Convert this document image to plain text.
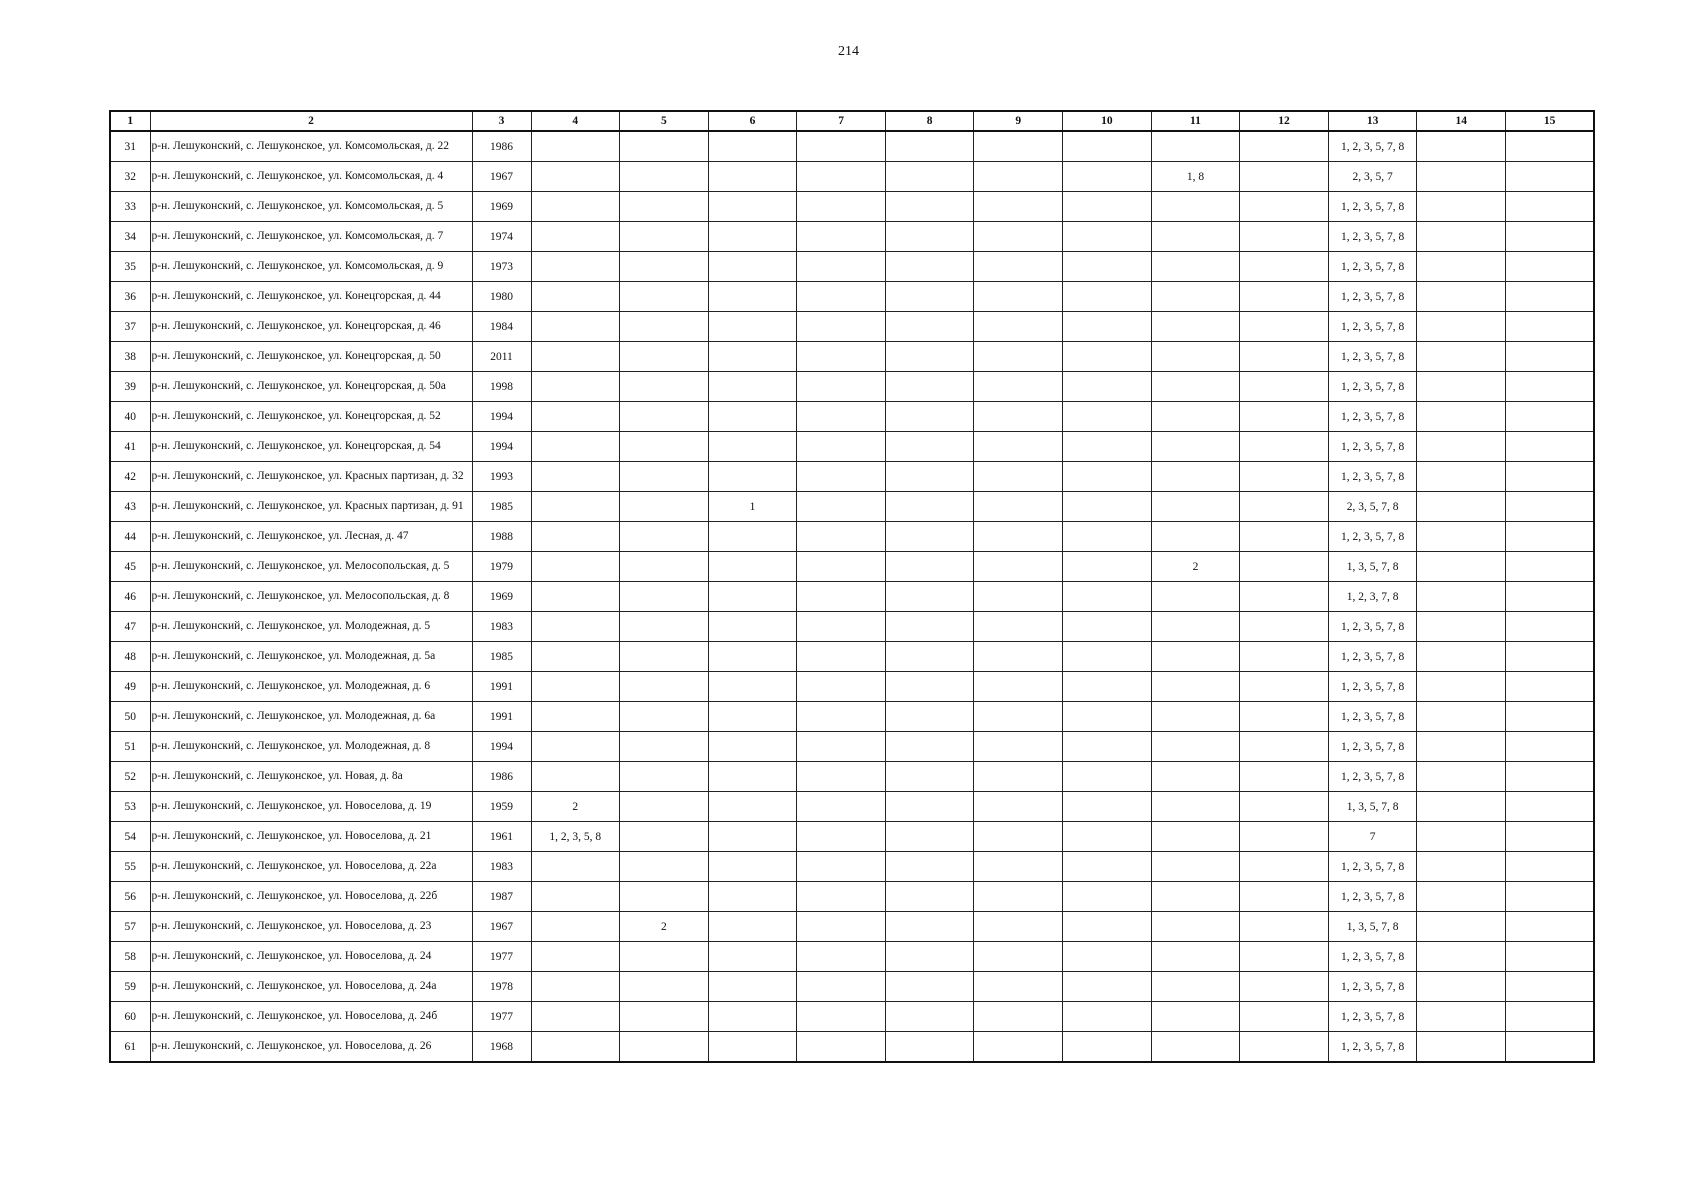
214
1	2	3	4	5	6	7	8	9	10	11	12	13	14	15
31	р-н. Лешуконский, с. Лешуконское, ул. Комсомольская, д. 22	1986										1, 2, 3, 5, 7, 8		
32	р-н. Лешуконский, с. Лешуконское, ул. Комсомольская, д. 4	1967								1, 8		2, 3, 5, 7		
33	р-н. Лешуконский, с. Лешуконское, ул. Комсомольская, д. 5	1969										1, 2, 3, 5, 7, 8		
34	р-н. Лешуконский, с. Лешуконское, ул. Комсомольская, д. 7	1974										1, 2, 3, 5, 7, 8		
35	р-н. Лешуконский, с. Лешуконское, ул. Комсомольская, д. 9	1973										1, 2, 3, 5, 7, 8		
36	р-н. Лешуконский, с. Лешуконское, ул. Конецгорская, д. 44	1980										1, 2, 3, 5, 7, 8		
37	р-н. Лешуконский, с. Лешуконское, ул. Конецгорская, д. 46	1984										1, 2, 3, 5, 7, 8		
38	р-н. Лешуконский, с. Лешуконское, ул. Конецгорская, д. 50	2011										1, 2, 3, 5, 7, 8		
39	р-н. Лешуконский, с. Лешуконское, ул. Конецгорская, д. 50а	1998										1, 2, 3, 5, 7, 8		
40	р-н. Лешуконский, с. Лешуконское, ул. Конецгорская, д. 52	1994										1, 2, 3, 5, 7, 8		
41	р-н. Лешуконский, с. Лешуконское, ул. Конецгорская, д. 54	1994										1, 2, 3, 5, 7, 8		
42	р-н. Лешуконский, с. Лешуконское, ул. Красных партизан, д. 32	1993										1, 2, 3, 5, 7, 8		
43	р-н. Лешуконский, с. Лешуконское, ул. Красных партизан, д. 91	1985			1							2, 3, 5, 7, 8		
44	р-н. Лешуконский, с. Лешуконское, ул. Лесная, д. 47	1988										1, 2, 3, 5, 7, 8		
45	р-н. Лешуконский, с. Лешуконское, ул. Мелосопольская, д. 5	1979								2		1, 3, 5, 7, 8		
46	р-н. Лешуконский, с. Лешуконское, ул. Мелосопольская, д. 8	1969										1, 2, 3, 7, 8		
47	р-н. Лешуконский, с. Лешуконское, ул. Молодежная, д. 5	1983										1, 2, 3, 5, 7, 8		
48	р-н. Лешуконский, с. Лешуконское, ул. Молодежная, д. 5а	1985										1, 2, 3, 5, 7, 8		
49	р-н. Лешуконский, с. Лешуконское, ул. Молодежная, д. 6	1991										1, 2, 3, 5, 7, 8		
50	р-н. Лешуконский, с. Лешуконское, ул. Молодежная, д. 6а	1991										1, 2, 3, 5, 7, 8		
51	р-н. Лешуконский, с. Лешуконское, ул. Молодежная, д. 8	1994										1, 2, 3, 5, 7, 8		
52	р-н. Лешуконский, с. Лешуконское, ул. Новая, д. 8а	1986										1, 2, 3, 5, 7, 8		
53	р-н. Лешуконский, с. Лешуконское, ул. Новоселова, д. 19	1959	2									1, 3, 5, 7, 8		
54	р-н. Лешуконский, с. Лешуконское, ул. Новоселова, д. 21	1961	1, 2, 3, 5, 8									7		
55	р-н. Лешуконский, с. Лешуконское, ул. Новоселова, д. 22а	1983										1, 2, 3, 5, 7, 8		
56	р-н. Лешуконский, с. Лешуконское, ул. Новоселова, д. 22б	1987										1, 2, 3, 5, 7, 8		
57	р-н. Лешуконский, с. Лешуконское, ул. Новоселова, д. 23	1967		2								1, 3, 5, 7, 8		
58	р-н. Лешуконский, с. Лешуконское, ул. Новоселова, д. 24	1977										1, 2, 3, 5, 7, 8		
59	р-н. Лешуконский, с. Лешуконское, ул. Новоселова, д. 24а	1978										1, 2, 3, 5, 7, 8		
60	р-н. Лешуконский, с. Лешуконское, ул. Новоселова, д. 24б	1977										1, 2, 3, 5, 7, 8		
61	р-н. Лешуконский, с. Лешуконское, ул. Новоселова, д. 26	1968										1, 2, 3, 5, 7, 8		
